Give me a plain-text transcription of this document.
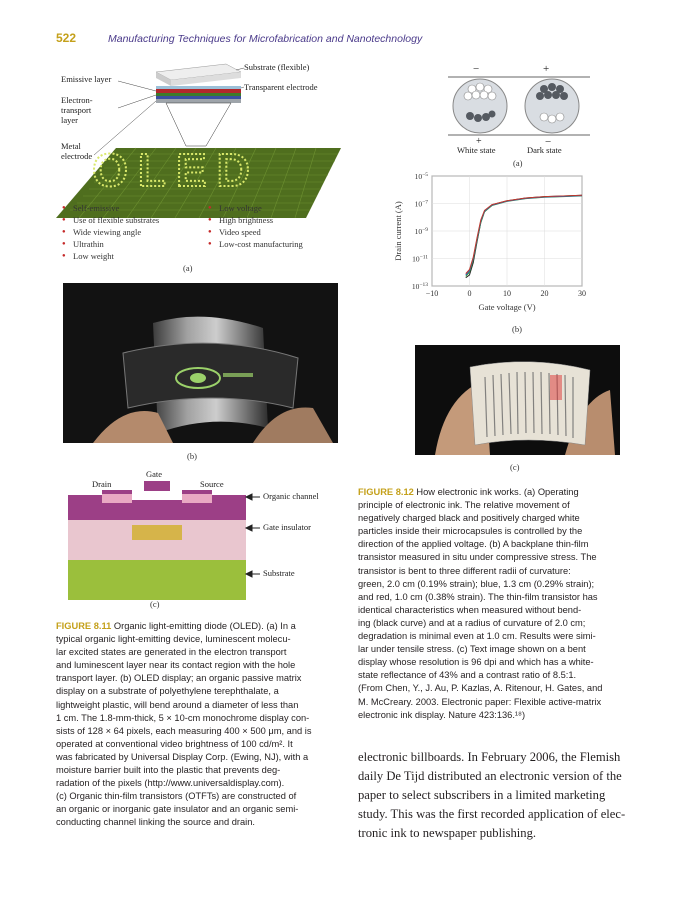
522	Manufacturing Techniques for Microfabrication and Nanotechnology
OLED
Emissive layer
Electron-
transport
layer
Metal
electrode
Substrate (flexible)
Transparent electrode
● Self-emissive
● Use of flexible substrates
● Wide viewing angle
● Ultrathin
● Low weight
● Low voltage
● High brightness
● Video speed
● Low-cost manufacturing
(a)
(b)
Gate
Drain	Source
Organic channel
Gate insulator
Substrate
(c)
−	+
+	−
White state	Dark state
(a)
−10	0	10	20	30
$10^{-5}$
$10^{-7}$
$10^{-9}$
$10^{-11}$
$10^{-13}$
Gate voltage (V)
Drain current (A)
(b)
(c)
FIGURE 8.11 Organic light-emitting diode (OLED). (a) In a
typical organic light-emitting device, luminescent molecu-
lar excited states are generated in the electron transport
and luminescent layer near its contact region with the hole
transport layer. (b) OLED display; an organic passive matrix
display on a substrate of polyethylene terephthalate, a
lightweight plastic, will bend around a diameter of less than
1 cm. The 1.8-mm-thick, 5 × 10-cm monochrome display con-
sists of 128 × 64 pixels, each measuring 400 × 500 μm, and is
operated at conventional video brightness of 100 cd/m². It
was fabricated by Universal Display Corp. (Ewing, NJ), with a
moisture barrier built into the plastic that prevents deg-
radation of the pixels (http://www.universaldisplay.com).
(c) Organic thin-film transistors (OTFTs) are constructed of
an organic or inorganic gate insulator and an organic semi-
conducting channel linking the source and drain.
FIGURE 8.12 How electronic ink works. (a) Operating
principle of electronic ink. The relative movement of
negatively charged black and positively charged white
particles inside their microcapsules is controlled by the
direction of the applied voltage. (b) A backplane thin-film
transistor measured in situ under compressive stress. The
transistor is bent to three different radii of curvature:
green, 2.0 cm (0.19% strain); blue, 1.3 cm (0.29% strain);
and red, 1.0 cm (0.38% strain). The thin-film transistor has
identical characteristics when measured without bend-
ing (black curve) and at a radius of curvature of 2.0 cm;
degradation is minimal even at 1.0 cm. Results were simi-
lar under tensile stress. (c) Text image shown on a bent
display whose resolution is 96 dpi and which has a white-
state reflectance of 43% and a contrast ratio of 8.5:1.
(From Chen, Y., J. Au, P. Kazlas, A. Ritenour, H. Gates, and
M. McCreary. 2003. Electronic paper: Flexible active-matrix
electronic ink display. Nature 423:136.¹⁸)
electronic billboards. In February 2006, the Flemish
daily De Tijd distributed an electronic version of the
paper to select subscribers in a limited marketing
study. This was the first recorded application of elec-
tronic ink to newspaper publishing.
